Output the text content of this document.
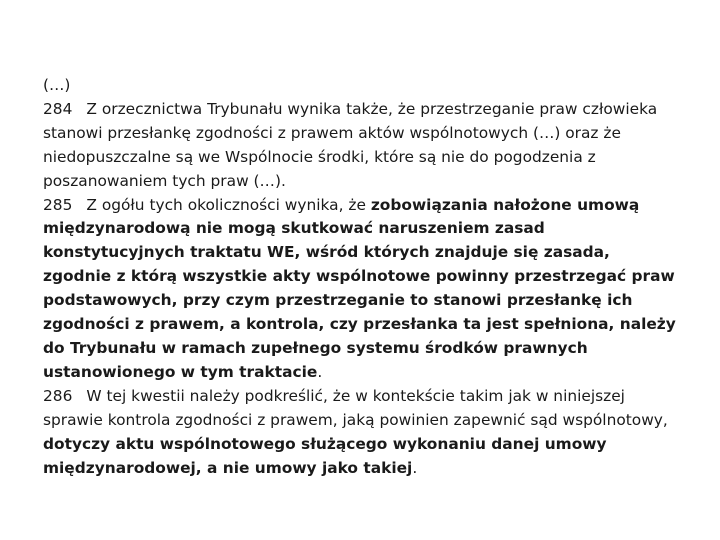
(…)

284 Z orzecznictwa Trybunału wynika także, że przestrzeganie praw człowieka stanowi przesłankę zgodności z prawem aktów wspólnotowych (…) oraz że niedopuszczalne są we Wspólnocie środki, które są nie do pogodzenia z poszanowaniem tych praw (…).

285 Z ogółu tych okoliczności wynika, że zobowiązania nałożone umową międzynarodową nie mogą skutkować naruszeniem zasad konstytucyjnych traktatu WE, wśród których znajduje się zasada, zgodnie z którą wszystkie akty wspólnotowe powinny przestrzegać praw podstawowych, przy czym przestrzeganie to stanowi przesłankę ich zgodności z prawem, a kontrola, czy przesłanka ta jest spełniona, należy do Trybunału w ramach zupełnego systemu środków prawnych ustanowionego w tym traktacie.

286 W tej kwestii należy podkreślić, że w kontekście takim jak w niniejszej sprawie kontrola zgodności z prawem, jaką powinien zapewnić sąd wspólnotowy, dotyczy aktu wspólnotowego służącego wykonaniu danej umowy międzynarodowej, a nie umowy jako takiej.
